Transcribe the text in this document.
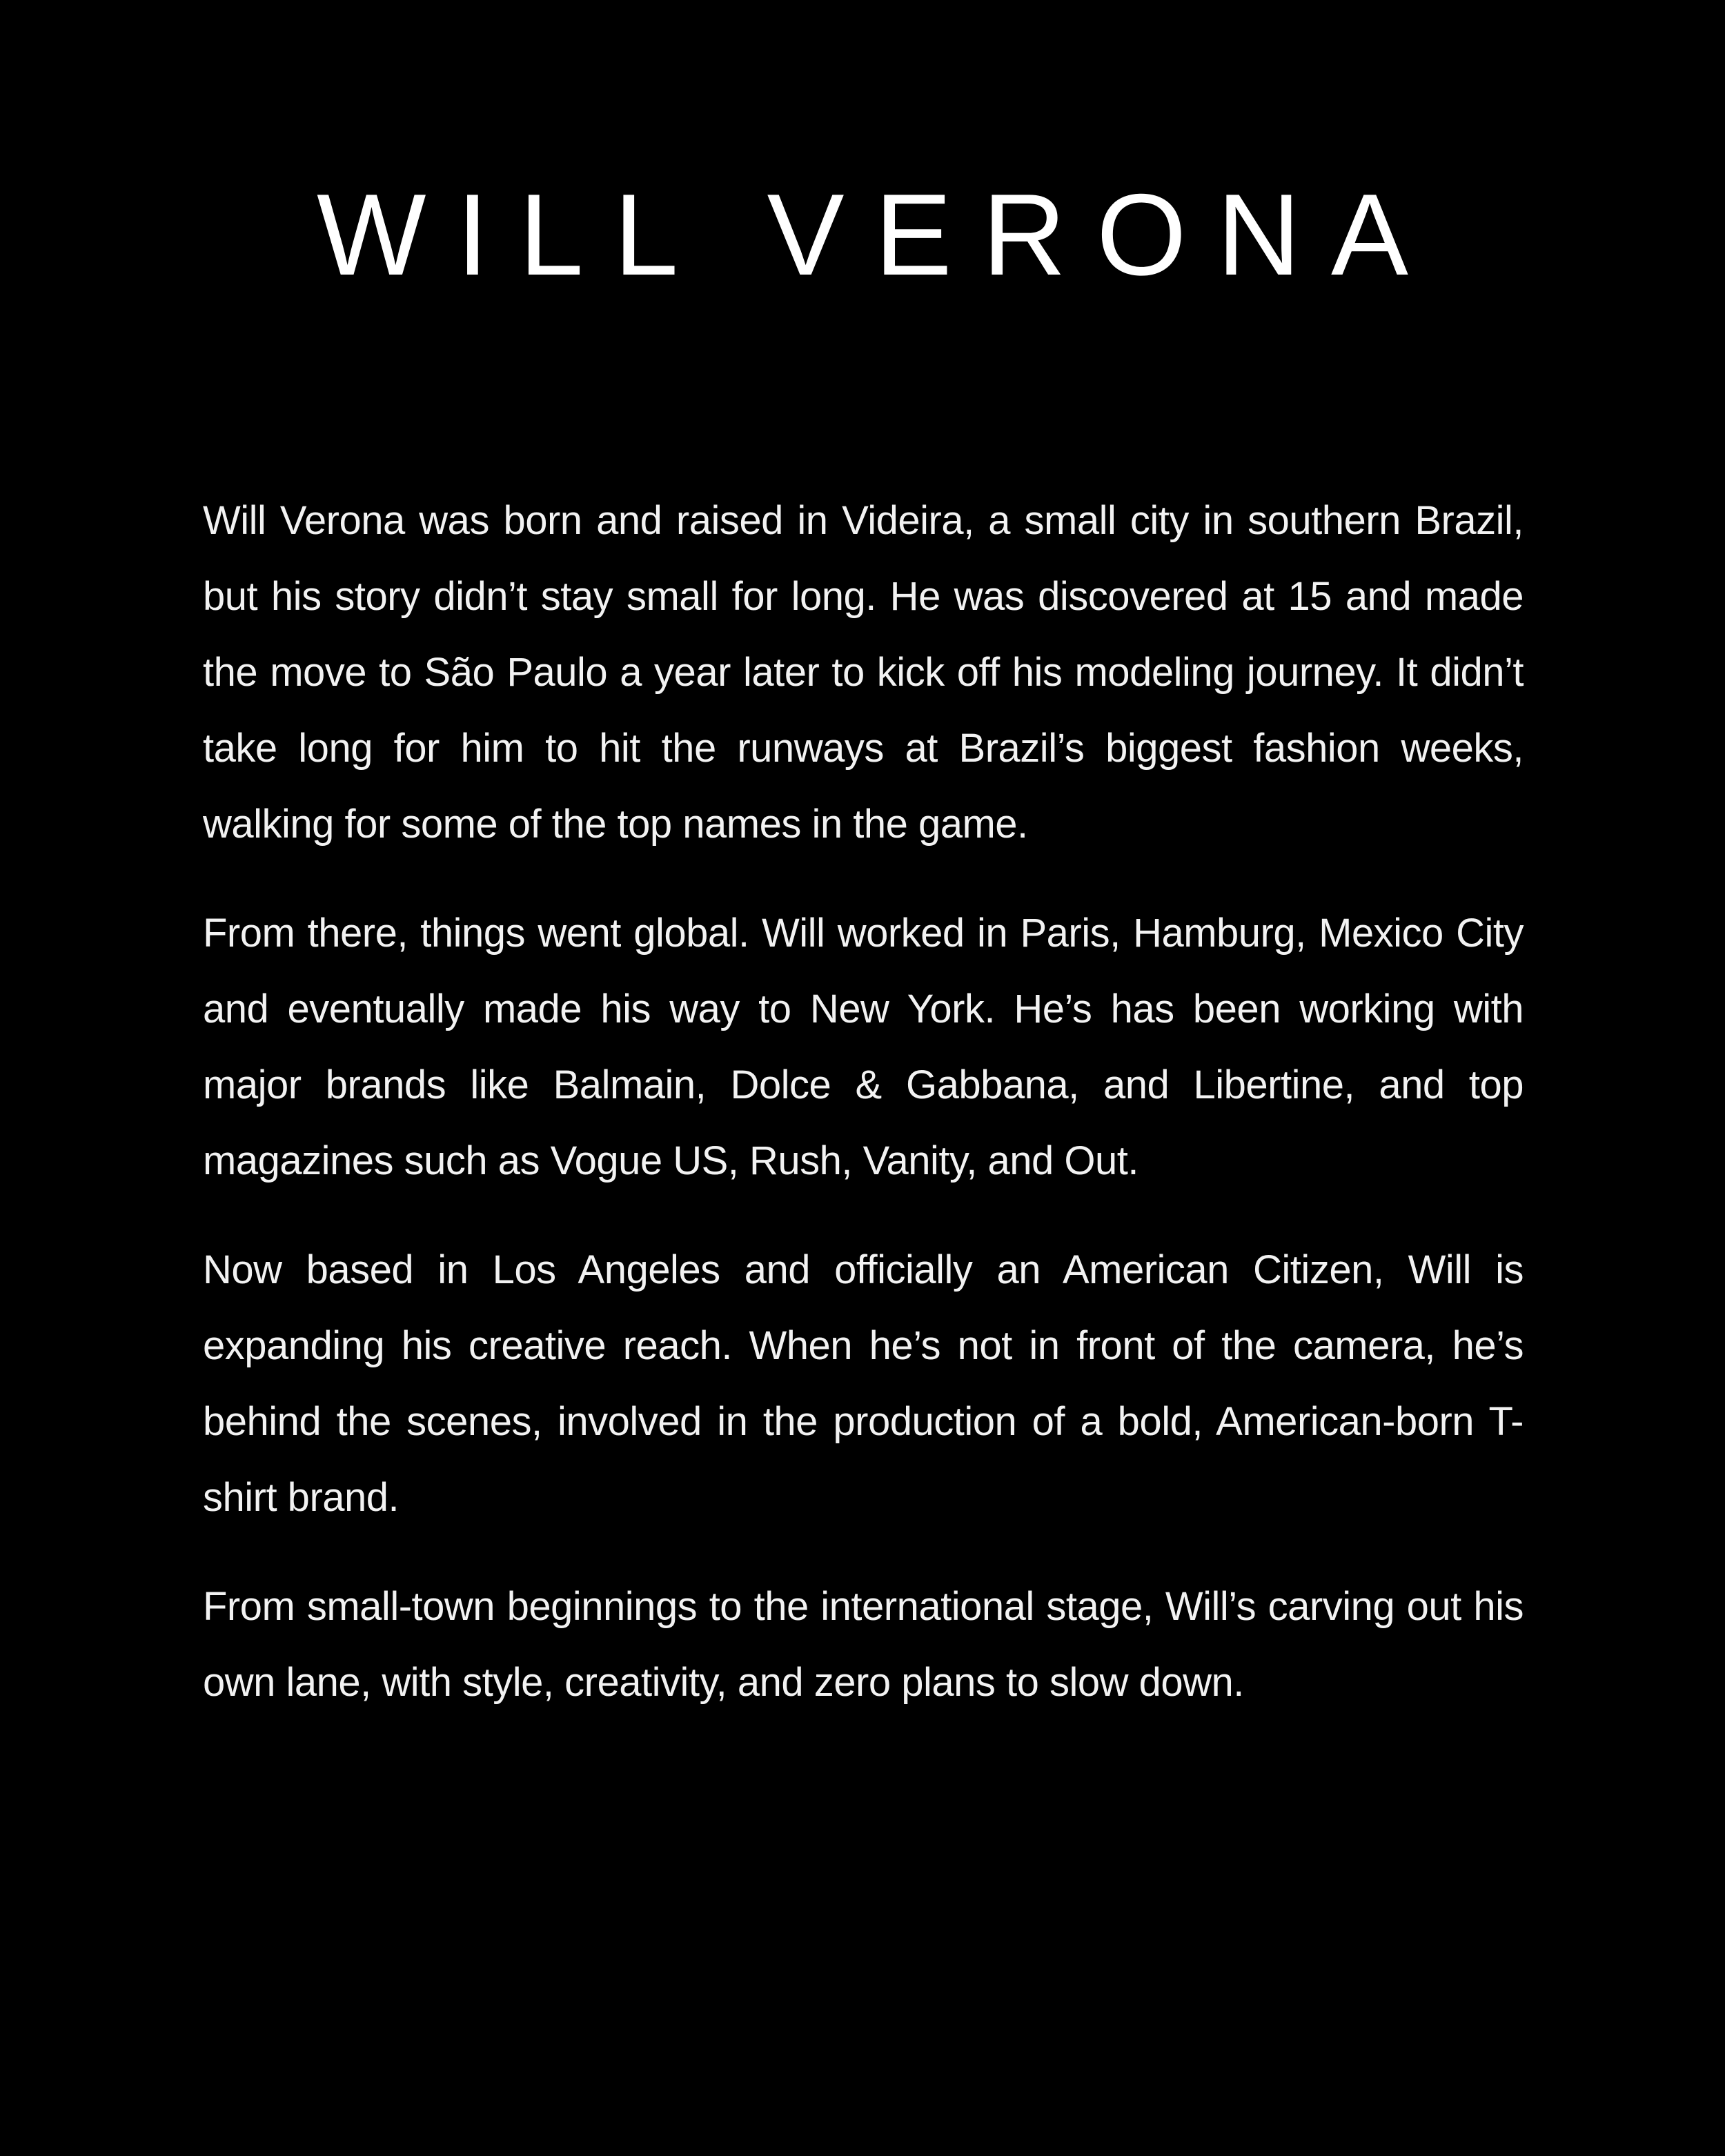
WILL VERONA

Will Verona was born and raised in Videira, a small city in southern Brazil, but his story didn’t stay small for long. He was discovered at 15 and made the move to São Paulo a year later to kick off his modeling journey. It didn’t take long for him to hit the runways at Brazil’s biggest fashion weeks, walking for some of the top names in the game.

From there, things went global. Will worked in Paris, Hamburg, Mexico City and eventually made his way to New York. He’s has been working with major brands like Balmain, Dolce & Gabbana, and Libertine, and top magazines such as Vogue US, Rush, Vanity, and Out.

Now based in Los Angeles and officially an American Citizen, Will is expanding his creative reach. When he’s not in front of the camera, he’s behind the scenes, involved in the production of a bold, American-born T-shirt brand.

From small-town beginnings to the international stage, Will’s carving out his own lane, with style, creativity, and zero plans to slow down.
